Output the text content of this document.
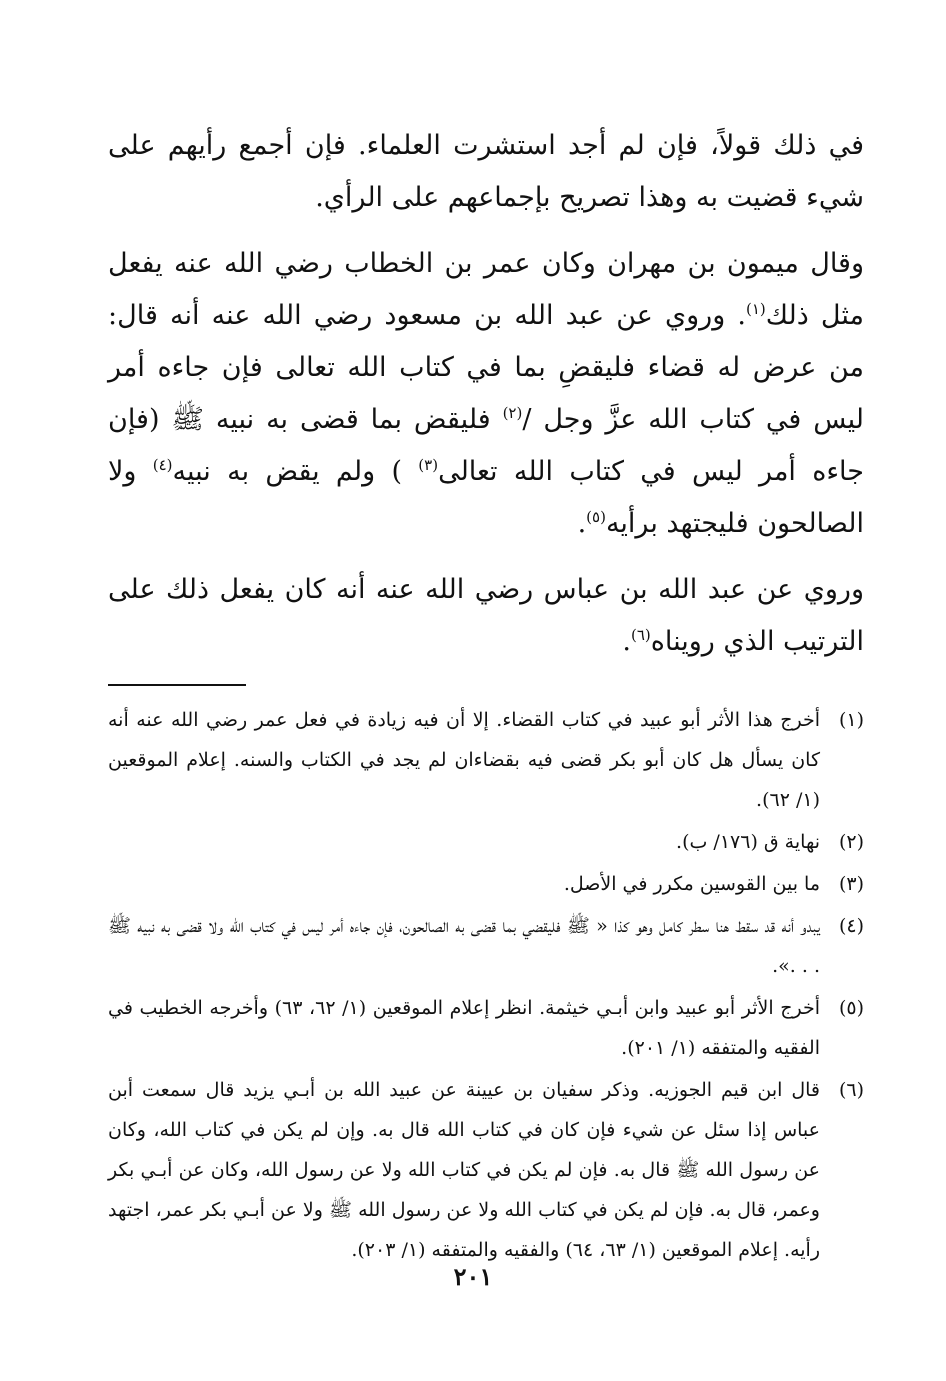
في ذلك قولاً، فإن لم أجد استشرت العلماء. فإن أجمع رأيهم على شيء قضيت به وهذا تصريح بإجماعهم على الرأي.

وقال ميمون بن مهران وكان عمر بن الخطاب رضي الله عنه يفعل مثل ذلك$^{(١)}$. وروي عن عبد الله بن مسعود رضي الله عنه أنه قال: من عرض له قضاء فليقضِ بما في كتاب الله تعالى فإن جاءه أمر ليس في كتاب الله عزَّ وجل /$^{(٢)}$ فليقض بما قضى به نبيه ﷺ (فإن جاءه أمر ليس في كتاب الله تعالى$^{(٣)}$ ) ولم يقض به نبيه$^{(٤)}$ ولا الصالحون فليجتهد برأيه$^{(٥)}$.

وروي عن عبد الله بن عباس رضي الله عنه أنه كان يفعل ذلك على الترتيب الذي رويناه$^{(٦)}$.

(١)
أخرج هذا الأثر أبو عبيد في كتاب القضاء. إلا أن فيه زيادة في فعل عمر رضي الله عنه أنه كان يسأل هل كان أبو بكر قضى فيه بقضاءان لم يجد في الكتاب والسنه. إعلام الموقعين (١/ ٦٢).
(٢)
نهاية ق (١٧٦/ ب).
(٣)
ما بين القوسين مكرر في الأصل.
(٤)
يبدو أنه قد سقط هنا سطر كامل وهو كذا « ﷺ فليقضي بما قضى به الصالحون، فإن جاءه أمر ليس في كتاب الله ولا قضى به نبيه ﷺ . . .».
(٥)
أخرج الأثر أبو عبيد وابن أبـي خيثمة. انظر إعلام الموقعين (١/ ٦٢، ٦٣) وأخرجه الخطيب في الفقيه والمتفقه (١/ ٢٠١).
(٦)
قال ابن قيم الجوزيه. وذكر سفيان بن عيينة عن عبيد الله بن أبـي يزيد قال سمعت أبن عباس إذا سئل عن شيء فإن كان في كتاب الله قال به. وإن لم يكن في كتاب الله، وكان عن رسول الله ﷺ قال به. فإن لم يكن في كتاب الله ولا عن رسول الله، وكان عن أبـي بكر وعمر، قال به. فإن لم يكن في كتاب الله ولا عن رسول الله ﷺ ولا عن أبـي بكر عمر، اجتهد رأيه. إعلام الموقعين (١/ ٦٣، ٦٤) والفقيه والمتفقه (١/ ٢٠٣).
٢٠١
